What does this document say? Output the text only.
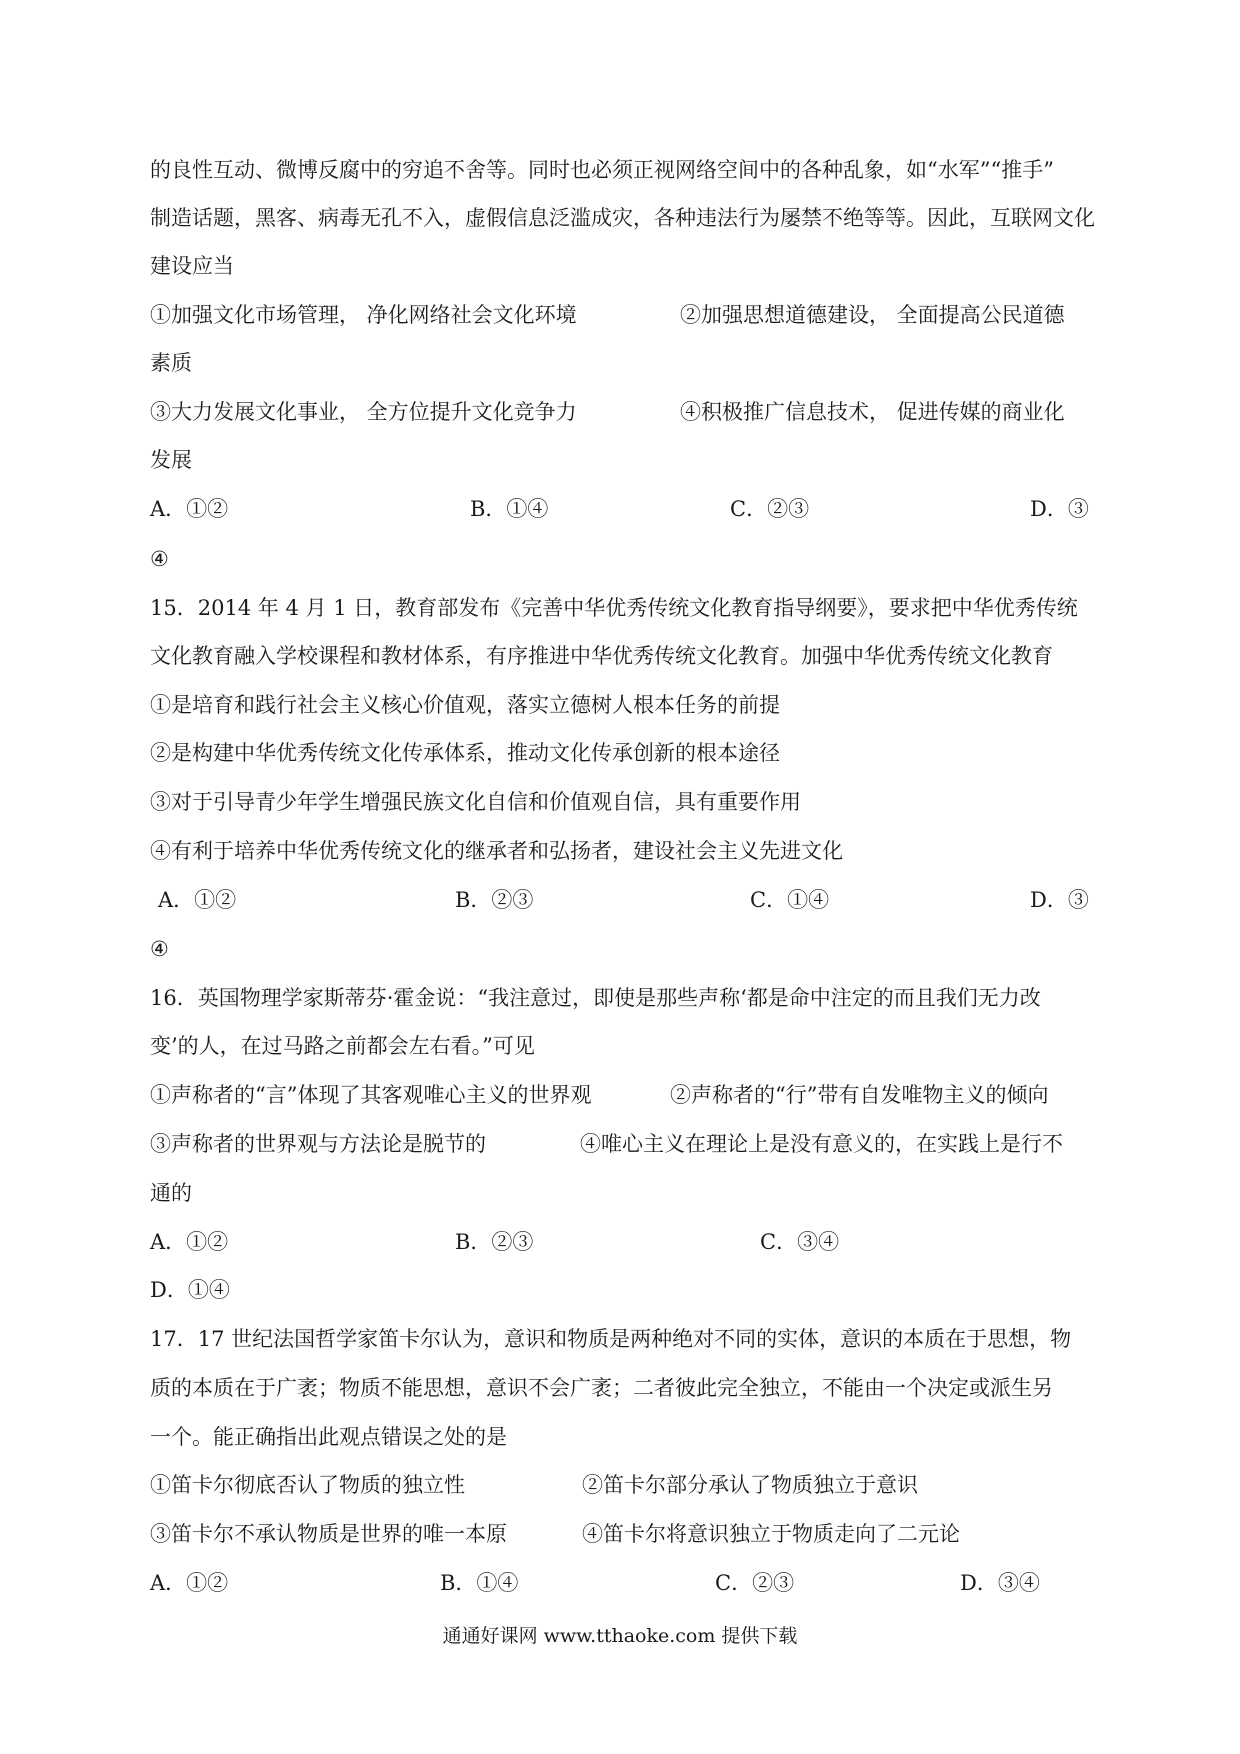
的良性互动、微博反腐中的穷追不舍等。同时也必须正视网络空间中的各种乱象，如“水军”“推手”
制造话题，黑客、病毒无孔不入，虚假信息泛滥成灾，各种违法行为屡禁不绝等等。因此，互联网文化
建设应当
①加强文化市场管理， 净化网络社会文化环境	②加强思想道德建设， 全面提高公民道德
素质
③大力发展文化事业， 全方位提升文化竞争力	④积极推广信息技术， 促进传媒的商业化
发展
A．①②	B．①④	C．②③	D．③
④
15．2014 年 4 月 1 日，教育部发布《完善中华优秀传统文化教育指导纲要》，要求把中华优秀传统
文化教育融入学校课程和教材体系，有序推进中华优秀传统文化教育。加强中华优秀传统文化教育
①是培育和践行社会主义核心价值观，落实立德树人根本任务的前提
②是构建中华优秀传统文化传承体系，推动文化传承创新的根本途径
③对于引导青少年学生增强民族文化自信和价值观自信，具有重要作用
④有利于培养中华优秀传统文化的继承者和弘扬者，建设社会主义先进文化
A．①②	B．②③	C．①④	D．③
④
16．英国物理学家斯蒂芬·霍金说：“我注意过，即使是那些声称‘都是命中注定的而且我们无力改
变’的人，在过马路之前都会左右看。”可见
①声称者的“言”体现了其客观唯心主义的世界观	②声称者的“行”带有自发唯物主义的倾向
③声称者的世界观与方法论是脱节的	④唯心主义在理论上是没有意义的，在实践上是行不
通的
A．①②	B．②③	C．③④
D．①④
17．17 世纪法国哲学家笛卡尔认为，意识和物质是两种绝对不同的实体，意识的本质在于思想，物
质的本质在于广袤；物质不能思想，意识不会广袤；二者彼此完全独立，不能由一个决定或派生另
一个。能正确指出此观点错误之处的是
①笛卡尔彻底否认了物质的独立性	②笛卡尔部分承认了物质独立于意识
③笛卡尔不承认物质是世界的唯一本原	④笛卡尔将意识独立于物质走向了二元论
A．①②	B．①④	C．②③	D．③④
通通好课网 www.tthaoke.com 提供下载
